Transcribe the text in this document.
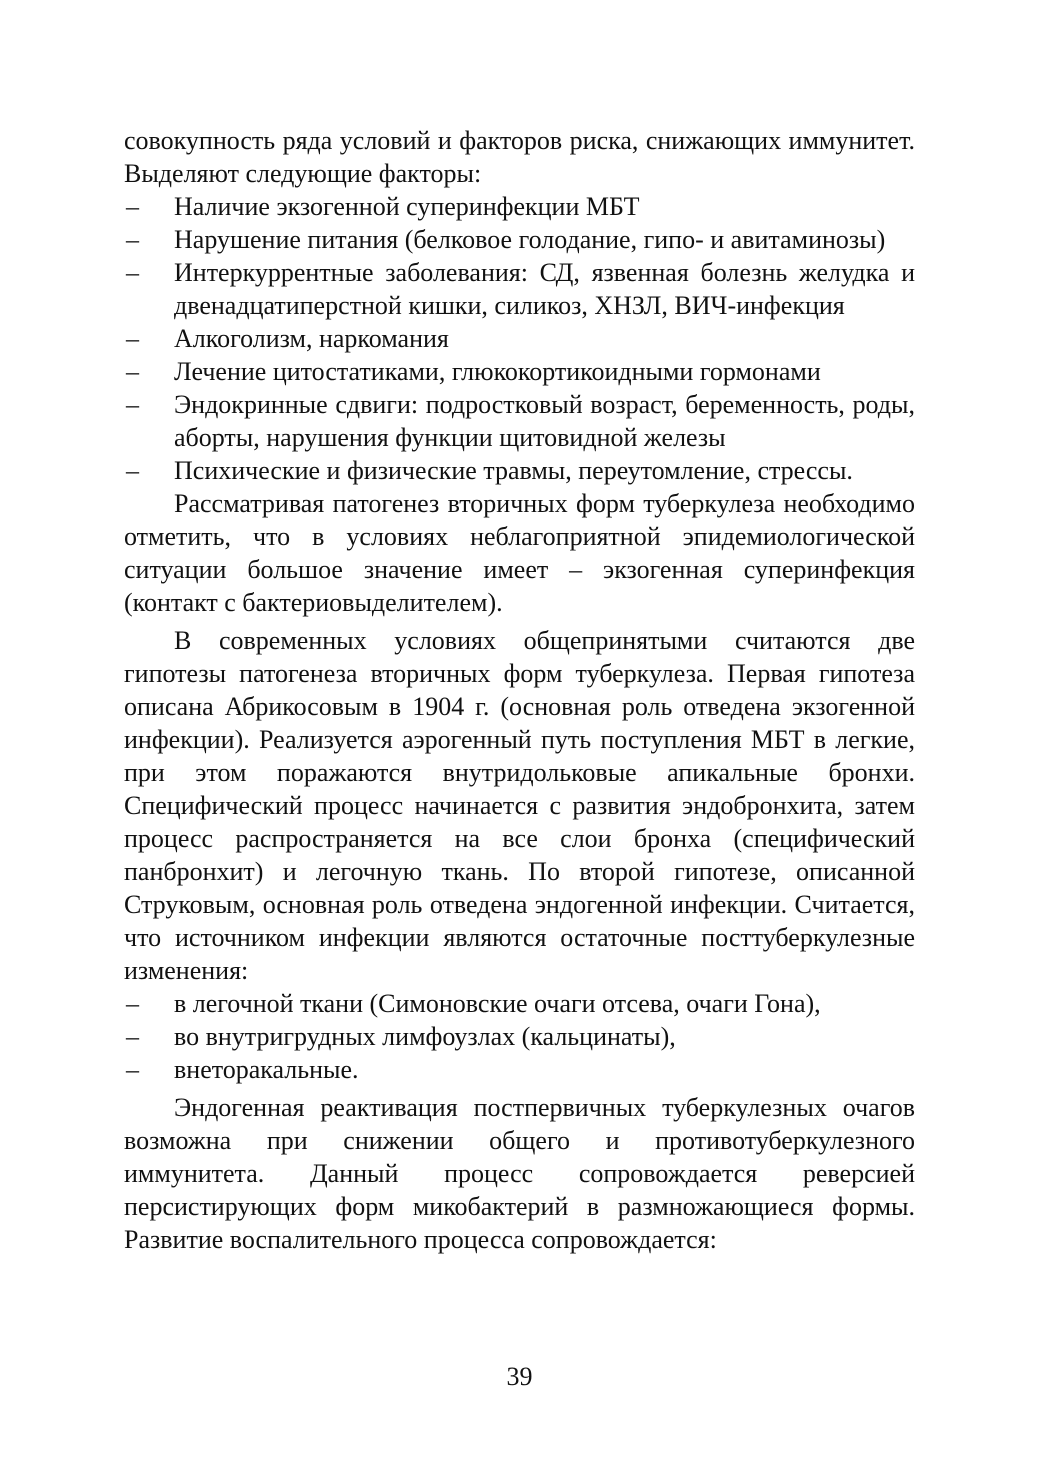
совокупность ряда условий и факторов риска, снижающих иммунитет. Выделяют следующие факторы:

–	Наличие экзогенной суперинфекции МБТ
–	Нарушение питания (белковое голодание, гипо- и авитаминозы)
–	Интеркуррентные заболевания: СД, язвенная болезнь желудка и двенадцатиперстной кишки, силикоз, ХНЗЛ, ВИЧ-инфекция
–	Алкоголизм, наркомания
–	Лечение цитостатиками, глюкокортикоидными гормонами
–	Эндокринные сдвиги: подростковый возраст, беременность, роды, аборты, нарушения функции щитовидной железы
–	Психические и физические травмы, переутомление, стрессы.

Рассматривая патогенез вторичных форм туберкулеза необходимо отметить, что в условиях неблагоприятной эпидемиологической ситуации большое значение имеет – экзогенная суперинфекция (контакт с бактериовыделителем).

В современных условиях общепринятыми считаются две гипотезы патогенеза вторичных форм туберкулеза. Первая гипотеза описана Абрикосовым в 1904 г. (основная роль отведена экзогенной инфекции). Реализуется аэрогенный путь поступления МБТ в легкие, при этом поражаются внутридольковые апикальные бронхи. Специфический процесс начинается с развития эндобронхита, затем процесс распространяется на все слои бронха (специфический панбронхит) и легочную ткань. По второй гипотезе, описанной Струковым, основная роль отведена эндогенной инфекции. Считается, что источником инфекции являются остаточные посттуберкулезные изменения:

–	в легочной ткани (Симоновские очаги отсева, очаги Гона),
–	во внутригрудных лимфоузлах (кальцинаты),
–	внеторакальные.

Эндогенная реактивация постпервичных туберкулезных очагов возможна при снижении общего и противотуберкулезного иммунитета. Данный процесс сопровождается реверсией персистирующих форм микобактерий в размножающиеся формы. Развитие воспалительного процесса сопровождается:

39
